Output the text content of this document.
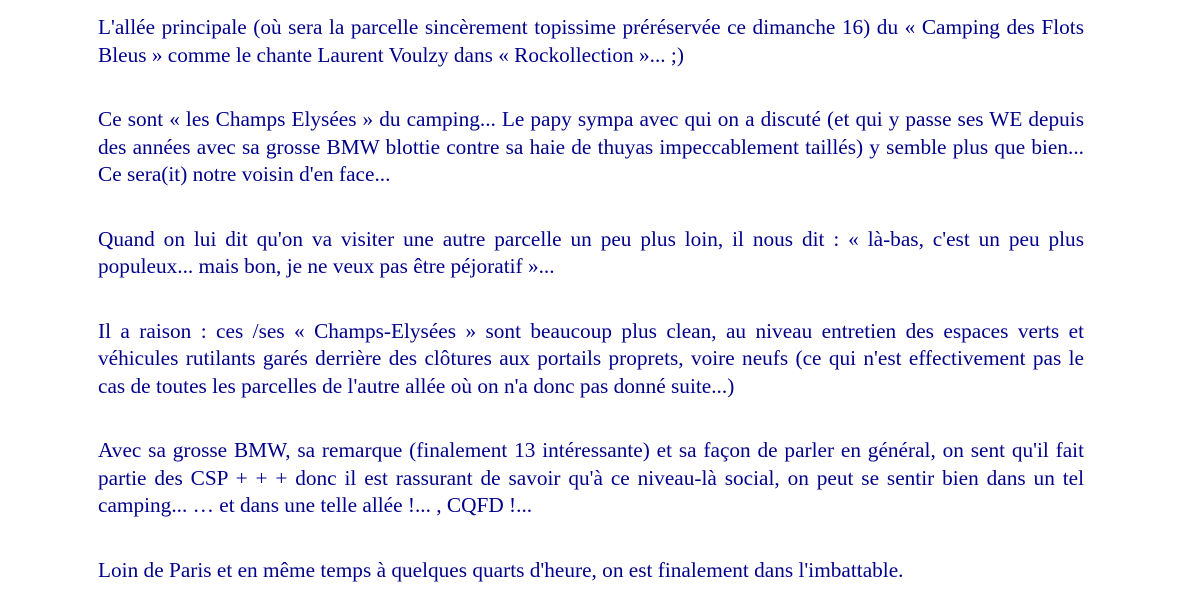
L'allée principale (où sera la parcelle sincèrement topissime préréservée ce dimanche 16) du « Camping des Flots Bleus » comme le chante Laurent Voulzy dans « Rockollection »... ;)

Ce sont « les Champs Elysées » du camping... Le papy sympa avec qui on a discuté (et qui y passe ses WE depuis des années avec sa grosse BMW blottie contre sa haie de thuyas impeccablement taillés) y semble plus que bien... Ce sera(it) notre voisin d'en face...

Quand on lui dit qu'on va visiter une autre parcelle un peu plus loin, il nous dit : « là-bas, c'est un peu plus populeux... mais bon, je ne veux pas être péjoratif »...

Il a raison : ces /ses « Champs-Elysées » sont beaucoup plus clean, au niveau entretien des espaces verts et véhicules rutilants garés derrière des clôtures aux portails proprets, voire neufs (ce qui n'est effectivement pas le cas de toutes les parcelles de l'autre allée où on n'a donc pas donné suite...)

Avec sa grosse BMW, sa remarque (finalement 13 intéressante) et sa façon de parler en général, on sent qu'il fait partie des CSP + + + donc il est rassurant de savoir qu'à ce niveau-là social, on peut se sentir bien dans un tel camping... … et dans une telle allée !... , CQFD !...

Loin de Paris et en même temps à quelques quarts d'heure, on est finalement dans l'imbattable.
